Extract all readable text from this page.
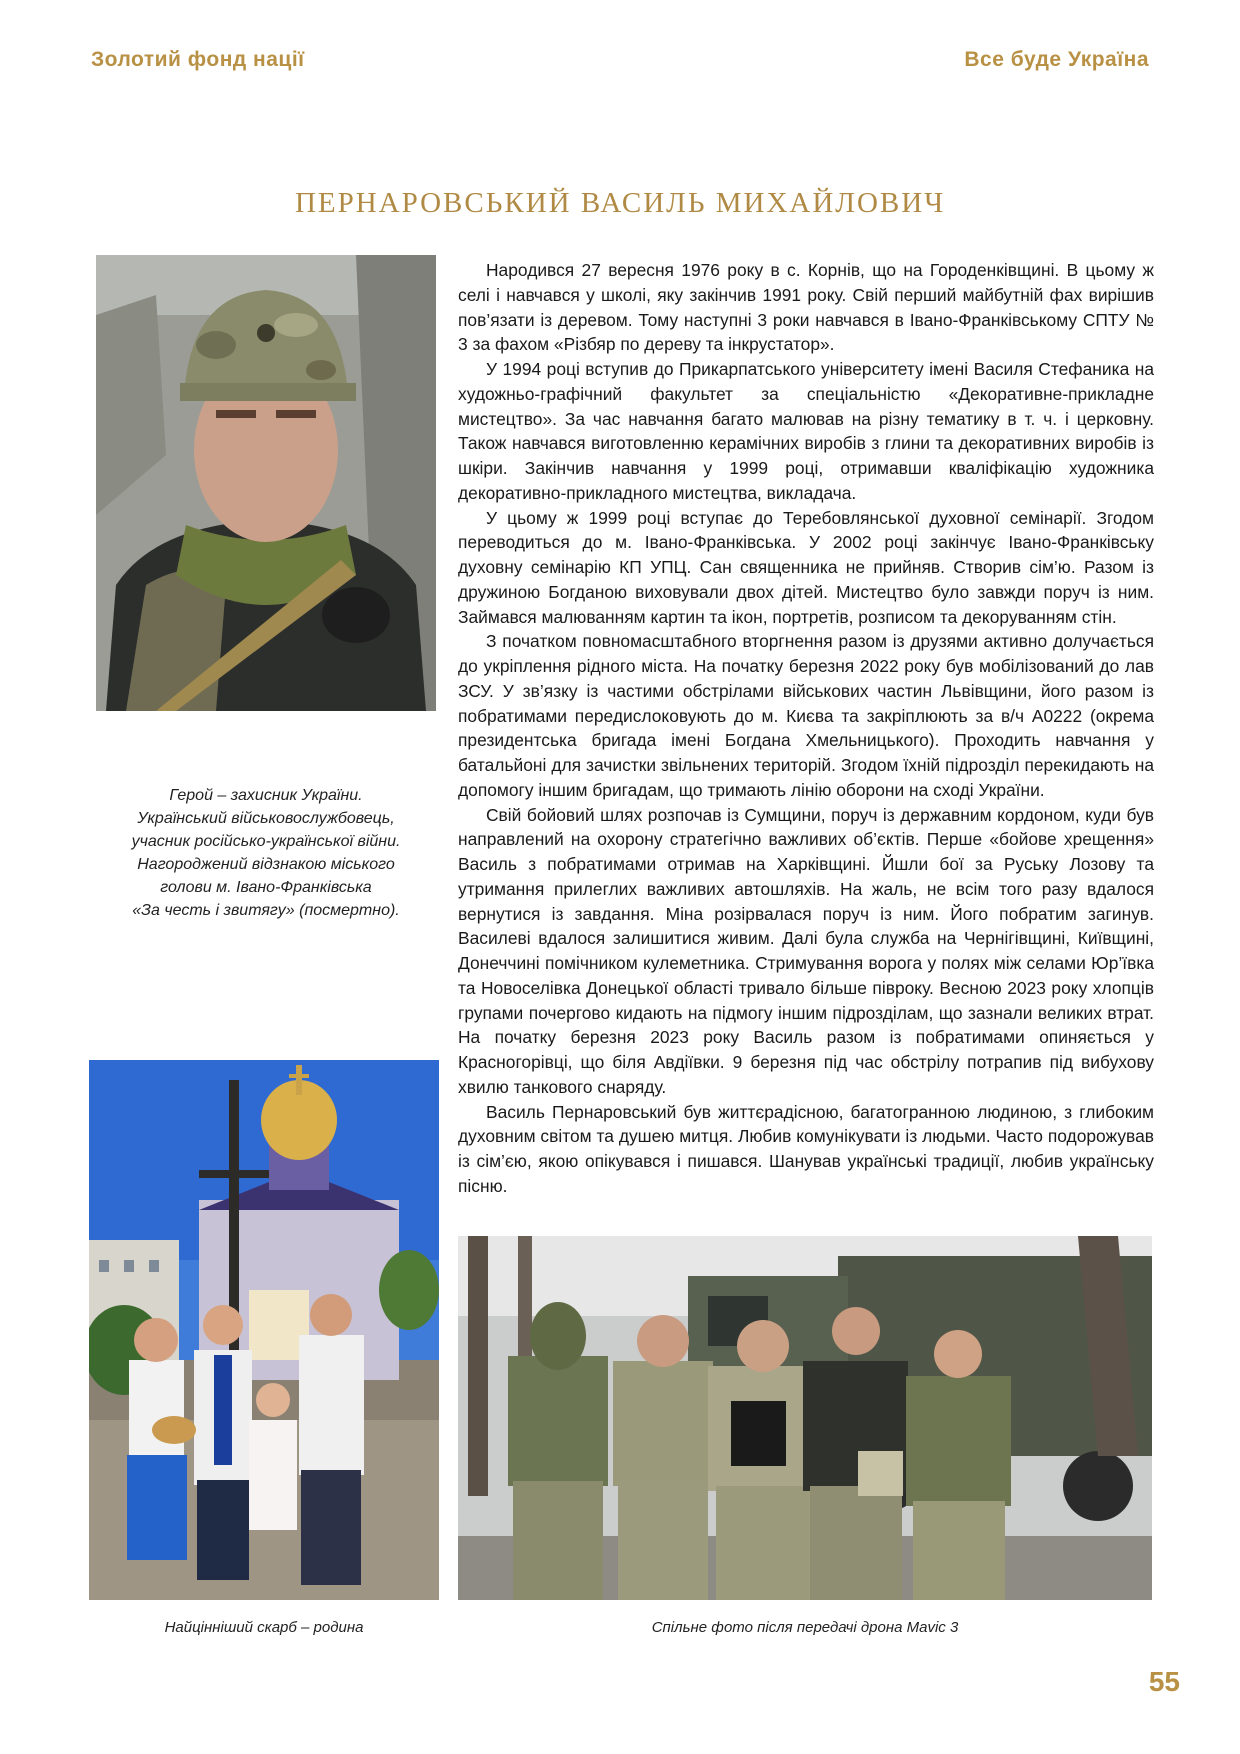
Золотий фонд нації	Все буде Україна
ПЕРНАРОВСЬКИЙ ВАСИЛЬ МИХАЙЛОВИЧ
Герой – захисник України.
Український військовослужбовець,
учасник російсько-української війни.
Нагороджений відзнакою міського
голови м. Івано-Франківська
«За честь і звитягу» (посмертно).

Народився 27 вересня 1976 року в с. Корнів, що на Городенківщині. В цьому ж селі і навчався у школі, яку закінчив 1991 року. Свій перший майбутній фах вирішив пов’язати із деревом. Тому наступні 3 роки навчався в Івано-Франківському СПТУ № 3 за фахом «Різбяр по дереву та інкрустатор».

У 1994 році вступив до Прикарпатського університету імені Василя Стефаника на художньо-графічний факультет за спеціальністю «Декоративне-прикладне мистецтво». За час навчання багато малював на різну тематику в т. ч. і церковну. Також навчався виготовленню керамічних виробів з глини та декоративних виробів із шкіри. Закінчив навчання у 1999 році, отримавши кваліфікацію художника декоративно-прикладного мистецтва, викладача.

У цьому ж 1999 році вступає до Теребовлянської духовної семінарії. Згодом переводиться до м. Івано-Франківська. У 2002 році закінчує Івано-Франківську духовну семінарію КП УПЦ. Сан священника не прийняв. Створив сім’ю. Разом із дружиною Богданою виховували двох дітей. Мистецтво було завжди поруч із ним. Займався малюванням картин та ікон, портретів, розписом та декоруванням стін.

З початком повномасштабного вторгнення разом із друзями активно долучається до укріплення рідного міста. На початку березня 2022 року був мобілізований до лав ЗСУ. У зв’язку із частими обстрілами військових частин Львівщини, його разом із побратимами передислоковують до м. Києва та закріплюють за в/ч А0222 (окрема президентська бригада імені Богдана Хмельницького). Проходить навчання у батальйоні для зачистки звільнених територій. Згодом їхній підрозділ перекидають на допомогу іншим бригадам, що тримають лінію оборони на сході України.

Свій бойовий шлях розпочав із Сумщини, поруч із державним кордоном, куди був направлений на охорону стратегічно важливих об’єктів. Перше «бойове хрещення» Василь з побратимами отримав на Харківщині. Йшли бої за Руську Лозову та утримання прилеглих важливих автошляхів. На жаль, не всім того разу вдалося вернутися із завдання. Міна розірвалася поруч із ним. Його побратим загинув. Василеві вдалося залишитися живим. Далі була служба на Чернігівщині, Київщині, Донеччині помічником кулеметника. Стримування ворога у полях між селами Юр’ївка та Новоселівка Донецької області тривало більше півроку. Весною 2023 року хлопців групами почергово кидають на підмогу іншим підрозділам, що зазнали великих втрат. На початку березня 2023 року Василь разом із побратимами опиняється у Красногорівці, що біля Авдіївки. 9 березня під час обстрілу потрапив під вибухову хвилю танкового снаряду.

Василь Пернаровський був життєрадісною, багатогранною людиною, з глибоким духовним світом та душею митця. Любив комунікувати із людьми. Часто подорожував із сім’єю, якою опікувався і пишався. Шанував українські традиції, любив українську пісню.

Найцінніший скарб – родина	Спільне фото після передачі дрона Mavic 3
55
